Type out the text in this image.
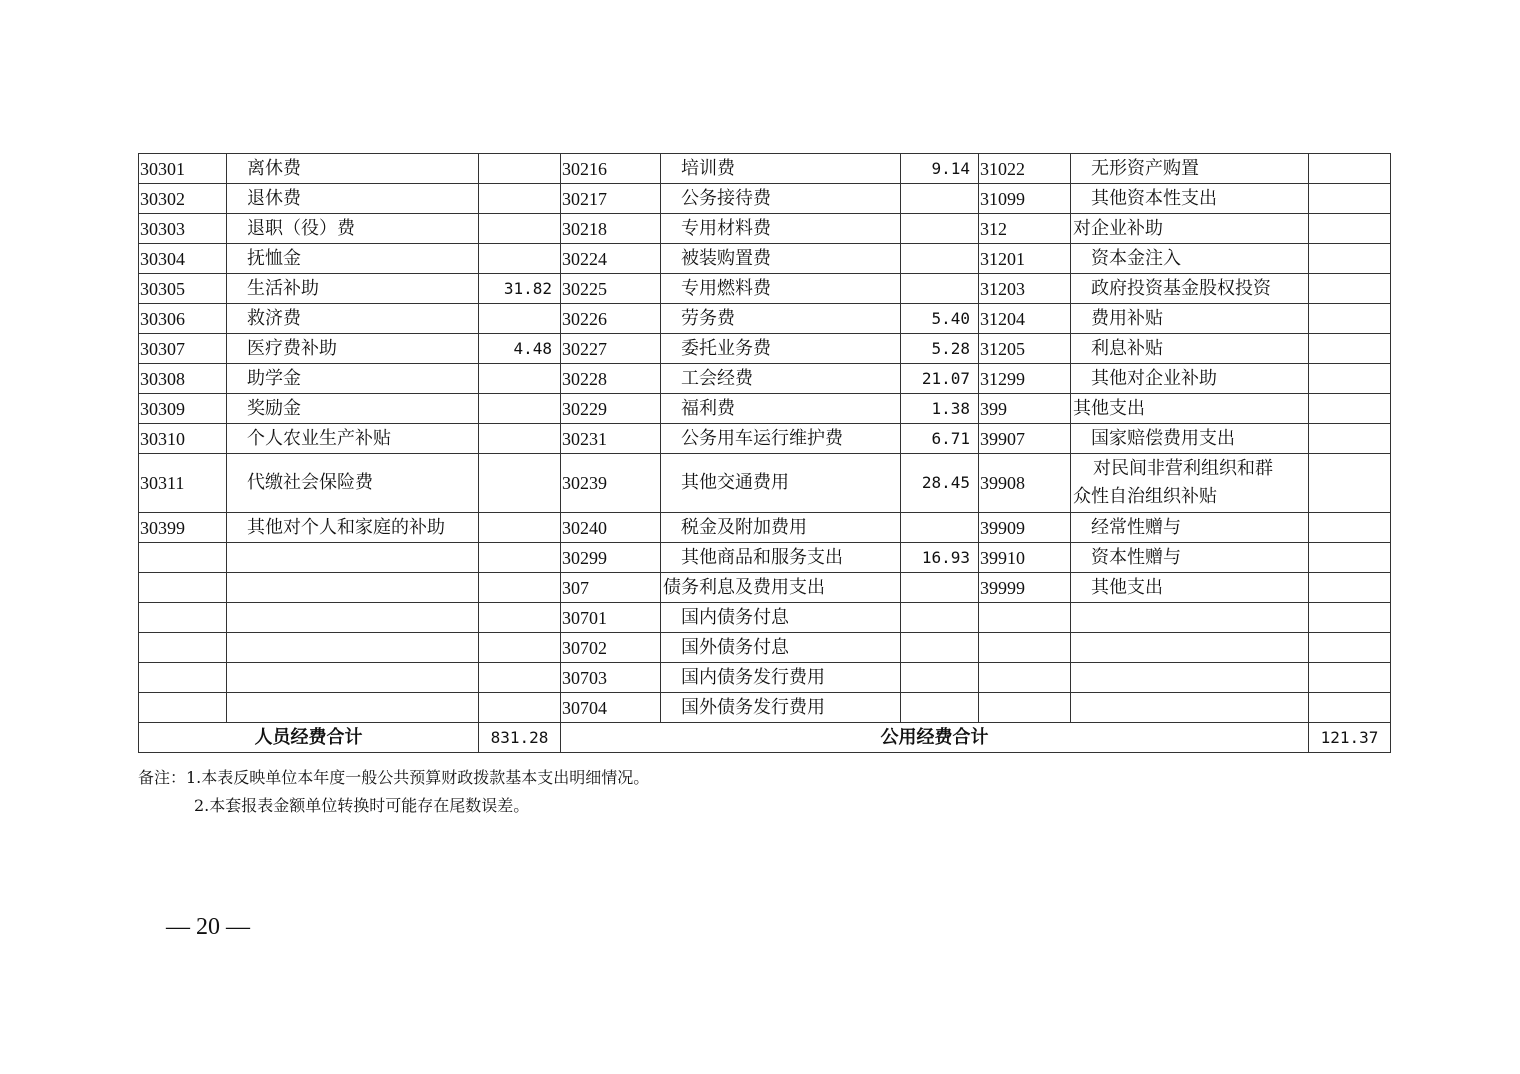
30301	离休费		30216	培训费	9.14	31022	无形资产购置	
30302	退休费		30217	公务接待费		31099	其他资本性支出	
30303	退职（役）费		30218	专用材料费		312	对企业补助	
30304	抚恤金		30224	被装购置费		31201	资本金注入	
30305	生活补助	31.82	30225	专用燃料费		31203	政府投资基金股权投资	
30306	救济费		30226	劳务费	5.40	31204	费用补贴	
30307	医疗费补助	4.48	30227	委托业务费	5.28	31205	利息补贴	
30308	助学金		30228	工会经费	21.07	31299	其他对企业补助	
30309	奖励金		30229	福利费	1.38	399	其他支出	
30310	个人农业生产补贴		30231	公务用车运行维护费	6.71	39907	国家赔偿费用支出	
30311	代缴社会保险费		30239	其他交通费用	28.45	39908	对民间非营利组织和群
众性自治组织补贴	

30399	其他对个人和家庭的补助		30240	税金及附加费用		39909	经常性赠与	
			30299	其他商品和服务支出	16.93	39910	资本性赠与	
			307	债务利息及费用支出		39999	其他支出	
			30701	国内债务付息				
			30702	国外债务付息				
			30703	国内债务发行费用				
			30704	国外债务发行费用				
人员经费合计		831.28	公用经费合计					121.37
备注：1.本表反映单位本年度一般公共预算财政拨款基本支出明细情况。
2.本套报表金额单位转换时可能存在尾数误差。
— 20 —
